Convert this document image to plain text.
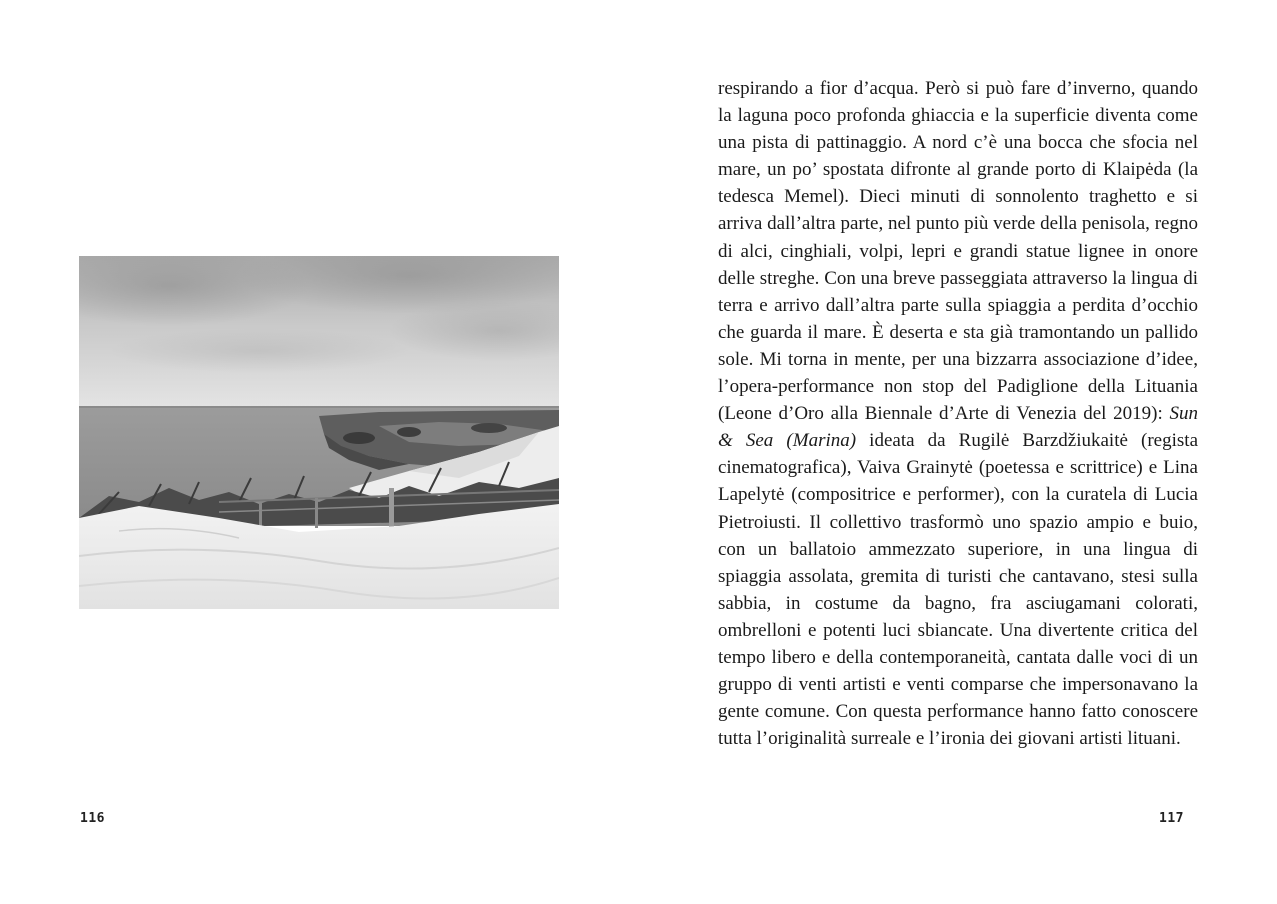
116

respirando a fior d’acqua. Però si può fare d’inverno, quando la laguna poco profonda ghiaccia e la superficie diventa come una pista di pattinaggio. A nord c’è una bocca che sfocia nel mare, un po’ spostata difronte al grande porto di Klaipėda (la tedesca Memel). Dieci minuti di sonnolento traghetto e si arriva dall’altra parte, nel punto più verde della penisola, regno di alci, cinghiali, volpi, lepri e grandi statue lignee in onore delle streghe. Con una breve passeggiata attraverso la lingua di terra e arrivo dall’altra parte sulla spiaggia a perdita d’occhio che guarda il mare. È deserta e sta già tramontando un pallido sole. Mi torna in mente, per una bizzarra associazione d’idee, l’opera-performance non stop del Padiglione della Lituania (Leone d’Oro alla Biennale d’Arte di Venezia del 2019): Sun & Sea (Marina) ideata da Rugilė Barzdžiukaitė (regista cinematografica), Vaiva Grainytė (poetessa e scrittrice) e Lina Lapelytė (compositrice e performer), con la curatela di Lucia Pietroiusti. Il collettivo trasformò uno spazio ampio e buio, con un ballatoio ammezzato superiore, in una lingua di spiaggia assolata, gremita di turisti che cantavano, stesi sulla sabbia, in costume da bagno, fra asciugamani colorati, ombrelloni e potenti luci sbiancate. Una divertente critica del tempo libero e della contemporaneità, cantata dalle voci di un gruppo di venti artisti e venti comparse che impersonavano la gente comune. Con questa performance hanno fatto conoscere tutta l’originalità surreale e l’ironia dei giovani artisti lituani.

117
